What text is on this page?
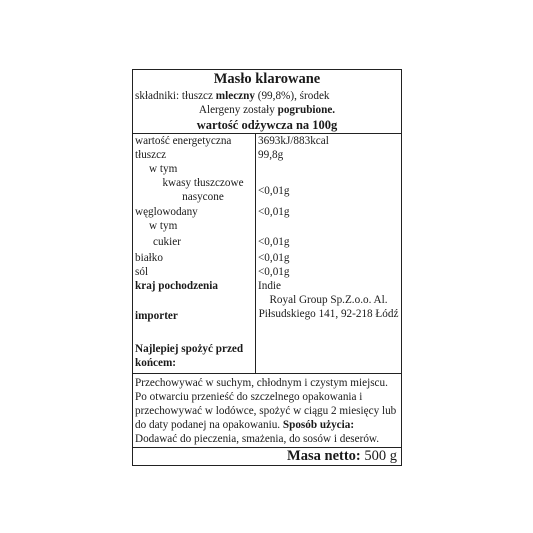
Masło klarowane
składniki: tłuszcz mleczny (99,8%), środek
Alergeny zostały pogrubione.
wartość odżywcza na 100g
wartość energetyczna	3693kJ/883kcal
tłuszcz	99,8g
w tym	
kwasy tłuszczowe nasycone	<0,01g
węglowodany	<0,01g
w tym	
cukier	<0,01g
białko	<0,01g
sól	<0,01g
kraj pochodzenia	Indie
importer	Royal Group Sp.Z.o.o. Al. Piłsudskiego 141, 92-218 Łódź
Najlepiej spożyć przed końcem:	
Przechowywać w suchym, chłodnym i czystym miejscu. Po otwarciu przenieść do szczelnego opakowania i przechowywać w lodówce, spożyć w ciągu 2 miesięcy lub do daty podanej na opakowaniu. Sposób użycia: Dodawać do pieczenia, smażenia, do sosów i deserów.
Masa netto: 500 g
